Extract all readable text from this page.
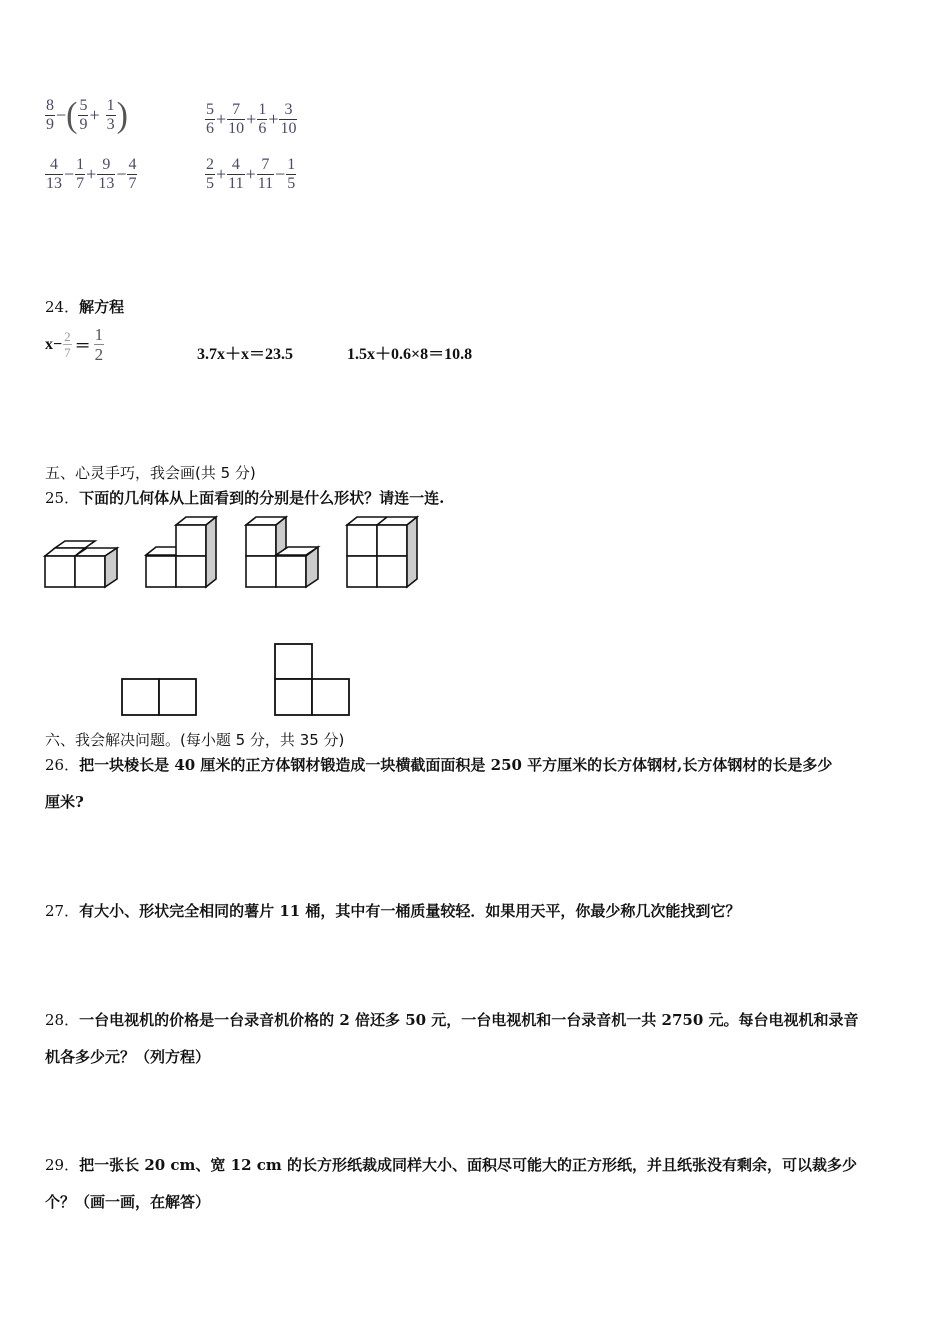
$\frac{8}{9}$ − ( $\frac{5}{9} + \frac{1}{3}$ )	$\frac{5}{6} + \frac{7}{10} + \frac{1}{6} + \frac{3}{10}$
$\frac{4}{13} - \frac{1}{7} + \frac{9}{13} - \frac{4}{7}$	$\frac{2}{5} + \frac{4}{11} + \frac{7}{11} - \frac{1}{5}$
24．解方程
$x- \frac{2}{7} = \frac{1}{2}$	3.7x＋x＝23.5	1.5x＋0.6×8＝10.8
五、心灵手巧，我会画(共 5 分)
25．下面的几何体从上面看到的分别是什么形状？请连一连.
六、我会解决问题。(每小题 5 分，共 35 分)
26．把一块棱长是 40 厘米的正方体钢材锻造成一块横截面面积是 250 平方厘米的长方体钢材,长方体钢材的长是多少
厘米?
27．有大小、形状完全相同的薯片 11 桶，其中有一桶质量较轻．如果用天平，你最少称几次能找到它？
28．一台电视机的价格是一台录音机价格的 2 倍还多 50 元，一台电视机和一台录音机一共 2750 元。每台电视机和录音
机各多少元？（列方程）
29．把一张长 20 cm、宽 12 cm 的长方形纸裁成同样大小、面积尽可能大的正方形纸，并且纸张没有剩余，可以裁多少
个？（画一画，在解答）
